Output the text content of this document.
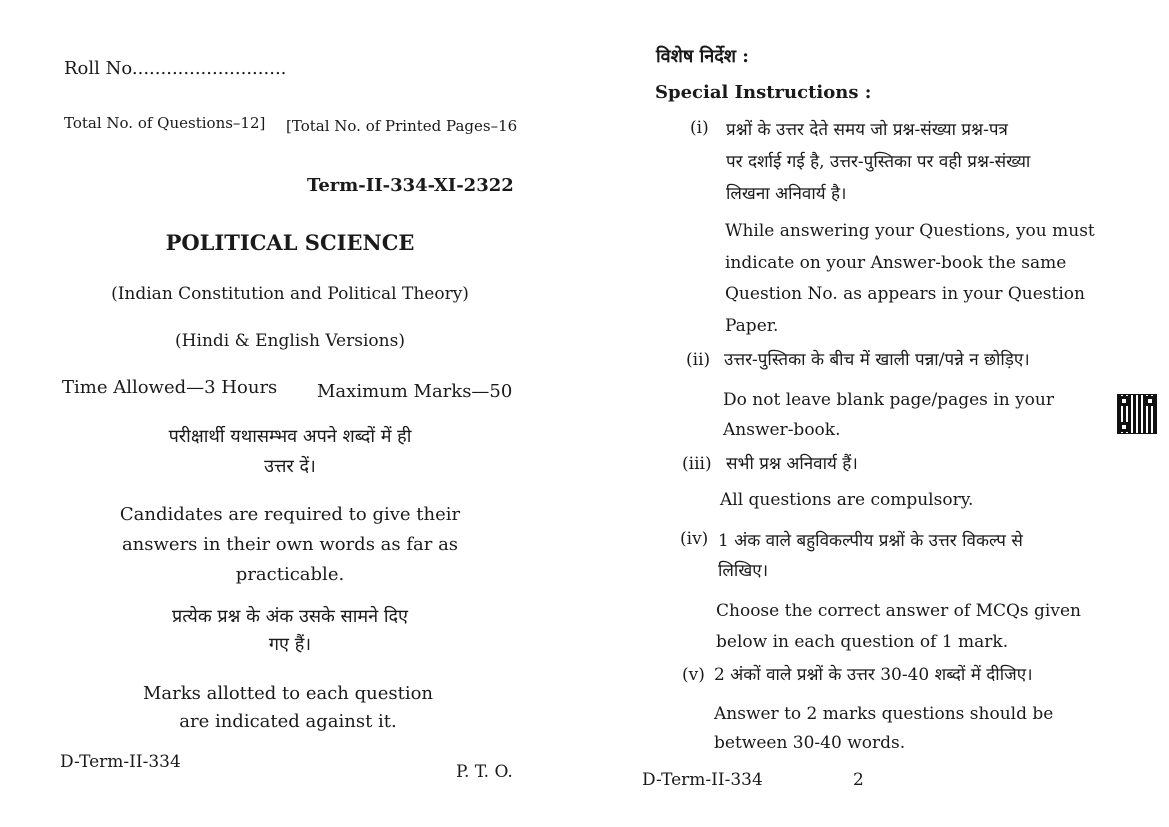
Roll No...........................
Total No. of Questions–12] [Total No. of Printed Pages–16
Term-II-334-XI-2322
POLITICAL SCIENCE
(Indian Constitution and Political Theory)
(Hindi & English Versions)
Time Allowed—3 Hours Maximum Marks—50
परीक्षार्थी यथासम्भव अपने शब्दों में ही
उत्तर दें।
Candidates are required to give their
answers in their own words as far as
practicable.
प्रत्येक प्रश्न के अंक उसके सामने दिए
गए हैं।
Marks allotted to each question
are indicated against it.
D-Term-II-334	P. T. O.
विशेष निर्देश :
Special Instructions :
(i) प्रश्नों के उत्तर देते समय जो प्रश्न-संख्या प्रश्न-पत्र
पर दर्शाई गई है, उत्तर-पुस्तिका पर वही प्रश्न-संख्या
लिखना अनिवार्य है।
While answering your Questions, you must
indicate on your Answer-book the same
Question No. as appears in your Question
Paper.
(ii) उत्तर-पुस्तिका के बीच में खाली पन्ना/पन्ने न छोड़िए।
Do not leave blank page/pages in your
Answer-book.
(iii) सभी प्रश्न अनिवार्य हैं।
All questions are compulsory.
(iv) 1 अंक वाले बहुविकल्पीय प्रश्नों के उत्तर विकल्प से
लिखिए।
Choose the correct answer of MCQs given
below in each question of 1 mark.
(v) 2 अंकों वाले प्रश्नों के उत्तर 30-40 शब्दों में दीजिए।
Answer to 2 marks questions should be
between 30-40 words.
D-Term-II-334	2
